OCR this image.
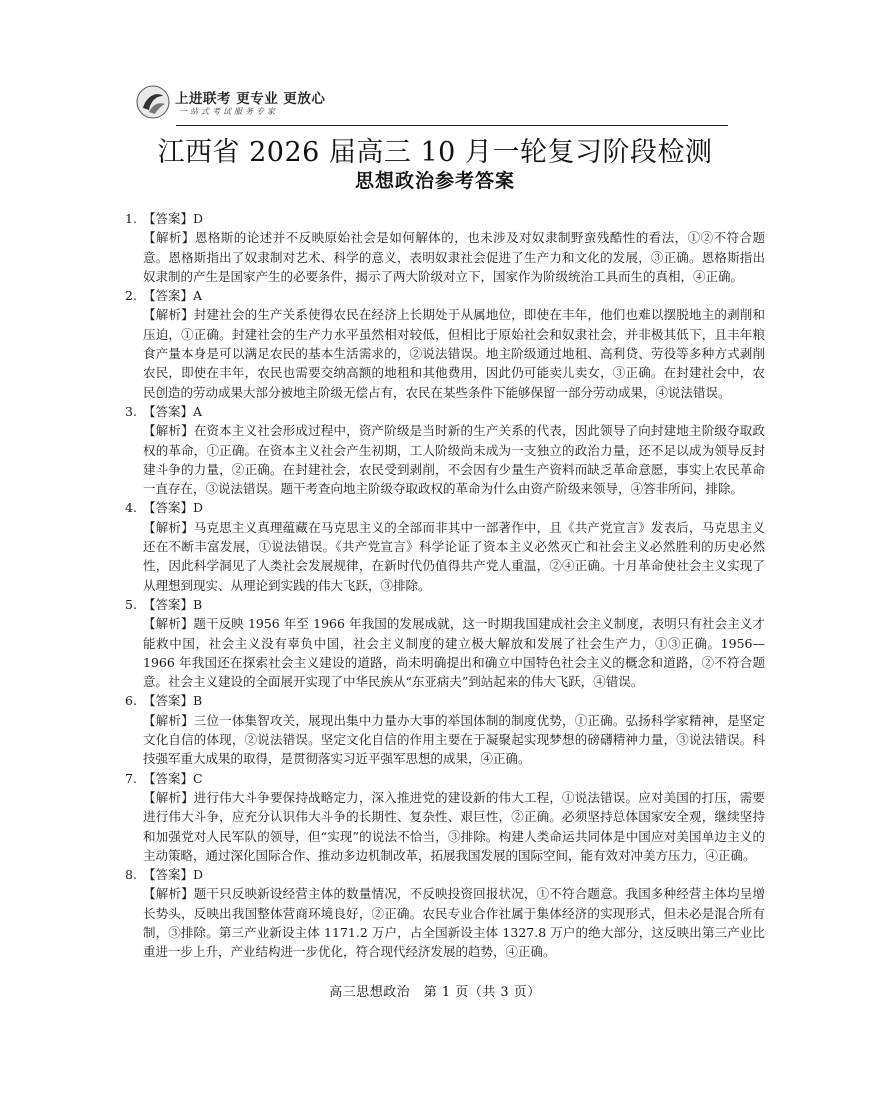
上进联考 更专业 更放心
一站式考试服务专家
江西省 2026 届高三 10 月一轮复习阶段检测
思想政治参考答案
1. 【答案】D
【解析】恩格斯的论述并不反映原始社会是如何解体的，也未涉及对奴隶制野蛮残酷性的看法，①②不符合题意。恩格斯指出了奴隶制对艺术、科学的意义，表明奴隶社会促进了生产力和文化的发展，③正确。恩格斯指出奴隶制的产生是国家产生的必要条件，揭示了两大阶级对立下，国家作为阶级统治工具而生的真相，④正确。
2. 【答案】A
【解析】封建社会的生产关系使得农民在经济上长期处于从属地位，即使在丰年，他们也难以摆脱地主的剥削和压迫，①正确。封建社会的生产力水平虽然相对较低，但相比于原始社会和奴隶社会，并非极其低下，且丰年粮食产量本身是可以满足农民的基本生活需求的，②说法错误。地主阶级通过地租、高利贷、劳役等多种方式剥削农民，即使在丰年，农民也需要交纳高额的地租和其他费用，因此仍可能卖儿卖女，③正确。在封建社会中，农民创造的劳动成果大部分被地主阶级无偿占有，农民在某些条件下能够保留一部分劳动成果，④说法错误。
3. 【答案】A
【解析】在资本主义社会形成过程中，资产阶级是当时新的生产关系的代表，因此领导了向封建地主阶级夺取政权的革命，①正确。在资本主义社会产生初期，工人阶级尚未成为一支独立的政治力量，还不足以成为领导反封建斗争的力量，②正确。在封建社会，农民受到剥削，不会因有少量生产资料而缺乏革命意愿，事实上农民革命一直存在，③说法错误。题干考查向地主阶级夺取政权的革命为什么由资产阶级来领导，④答非所问，排除。
4. 【答案】D
【解析】马克思主义真理蕴藏在马克思主义的全部而非其中一部著作中，且《共产党宣言》发表后，马克思主义还在不断丰富发展，①说法错误。《共产党宣言》科学论证了资本主义必然灭亡和社会主义必然胜利的历史必然性，因此科学洞见了人类社会发展规律，在新时代仍值得共产党人重温，②④正确。十月革命使社会主义实现了从理想到现实、从理论到实践的伟大飞跃，③排除。
5. 【答案】B
【解析】题干反映 1956 年至 1966 年我国的发展成就，这一时期我国建成社会主义制度，表明只有社会主义才能救中国，社会主义没有辜负中国，社会主义制度的建立极大解放和发展了社会生产力，①③正确。1956—1966 年我国还在探索社会主义建设的道路，尚未明确提出和确立中国特色社会主义的概念和道路，②不符合题意。社会主义建设的全面展开实现了中华民族从“东亚病夫”到站起来的伟大飞跃，④错误。
6. 【答案】B
【解析】三位一体集智攻关，展现出集中力量办大事的举国体制的制度优势，①正确。弘扬科学家精神，是坚定文化自信的体现，②说法错误。坚定文化自信的作用主要在于凝聚起实现梦想的磅礴精神力量，③说法错误。科技强军重大成果的取得，是贯彻落实习近平强军思想的成果，④正确。
7. 【答案】C
【解析】进行伟大斗争要保持战略定力，深入推进党的建设新的伟大工程，①说法错误。应对美国的打压，需要进行伟大斗争，应充分认识伟大斗争的长期性、复杂性、艰巨性，②正确。必须坚持总体国家安全观，继续坚持和加强党对人民军队的领导，但“实现”的说法不恰当，③排除。构建人类命运共同体是中国应对美国单边主义的主动策略，通过深化国际合作、推动多边机制改革，拓展我国发展的国际空间，能有效对冲美方压力，④正确。
8. 【答案】D
【解析】题干只反映新设经营主体的数量情况，不反映投资回报状况，①不符合题意。我国多种经营主体均呈增长势头，反映出我国整体营商环境良好，②正确。农民专业合作社属于集体经济的实现形式，但未必是混合所有制，③排除。第三产业新设主体 1171.2 万户，占全国新设主体 1327.8 万户的绝大部分，这反映出第三产业比重进一步上升，产业结构进一步优化，符合现代经济发展的趋势，④正确。
高三思想政治　第 1 页（共 3 页）
